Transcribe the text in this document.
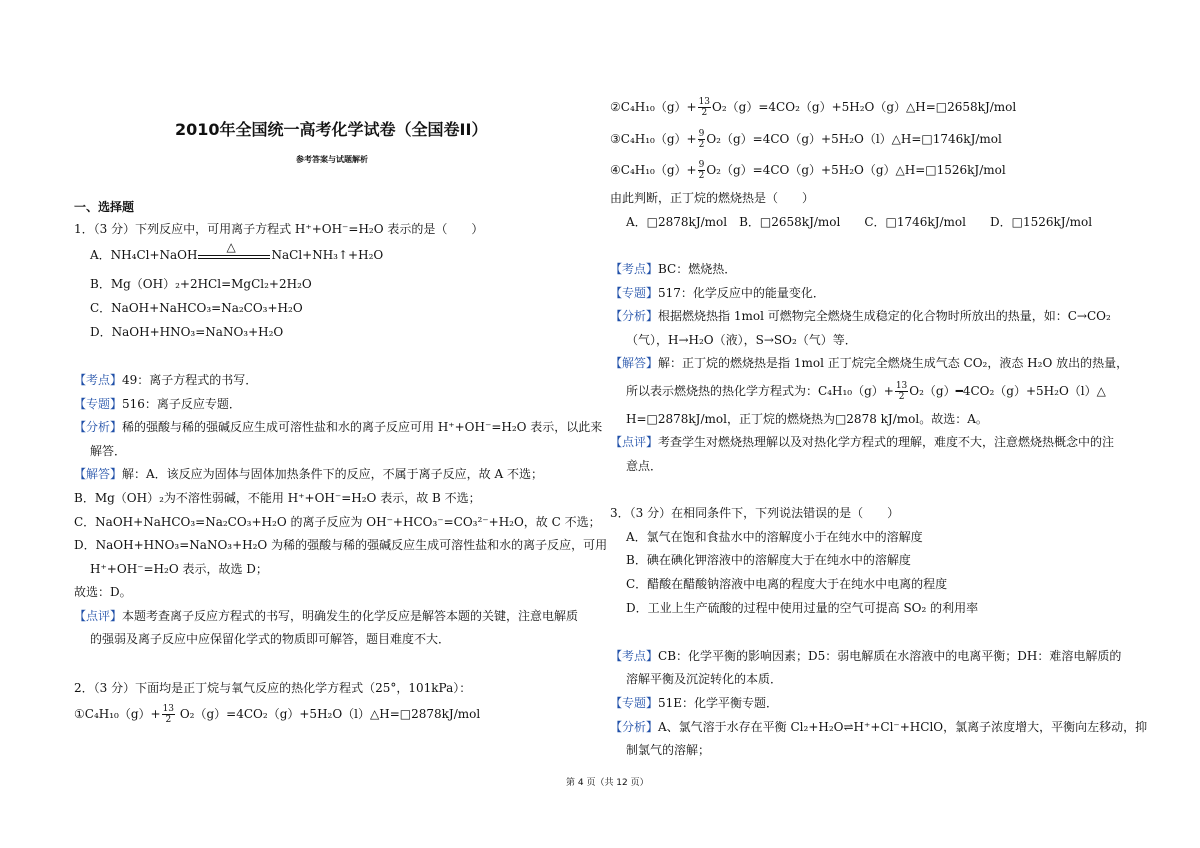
2010年全国统一高考化学试卷（全国卷II）
参考答案与试题解析
一、选择题
1．（3 分）下列反应中，可用离子方程式 H⁺+OH⁻=H₂O 表示的是（　　）
A．NH₄Cl+NaOH
△
NaCl+NH₃↑+H₂O
B．Mg（OH）₂+2HCl=MgCl₂+2H₂O
C．NaOH+NaHCO₃=Na₂CO₃+H₂O
D．NaOH+HNO₃=NaNO₃+H₂O
【考点】49：离子方程式的书写．
【专题】516：离子反应专题．
【分析】稀的强酸与稀的强碱反应生成可溶性盐和水的离子反应可用 H⁺+OH⁻=H₂O 表示，以此来
解答．
【解答】解：A．该反应为固体与固体加热条件下的反应，不属于离子反应，故 A 不选；
B．Mg（OH）₂为不溶性弱碱，不能用 H⁺+OH⁻=H₂O 表示，故 B 不选；
C．NaOH+NaHCO₃=Na₂CO₃+H₂O 的离子反应为 OH⁻+HCO₃⁻=CO₃²⁻+H₂O，故 C 不选；
D．NaOH+HNO₃=NaNO₃+H₂O 为稀的强酸与稀的强碱反应生成可溶性盐和水的离子反应，可用
H⁺+OH⁻=H₂O 表示，故选 D；
故选：D。
【点评】本题考查离子反应方程式的书写，明确发生的化学反应是解答本题的关键，注意电解质
的强弱及离子反应中应保留化学式的物质即可解答，题目难度不大．
2．（3 分）下面均是正丁烷与氧气反应的热化学方程式（25°，101kPa）：
①C₄H₁₀（g）+ $\frac{13}{2}$ O₂（g）=4CO₂（g）+5H₂O（l）△H=□2878kJ/mol
②C₄H₁₀（g）+ $\frac{13}{2}$ O₂（g）=4CO₂（g）+5H₂O（g）△H=□2658kJ/mol
③C₄H₁₀（g）+ $\frac{9}{2}$ O₂（g）=4CO（g）+5H₂O（l）△H=□1746kJ/mol
④C₄H₁₀（g）+ $\frac{9}{2}$ O₂（g）=4CO（g）+5H₂O（g）△H=□1526kJ/mol
由此判断，正丁烷的燃烧热是（　　）
A．□2878kJ/mol　B．□2658kJ/mol　　C．□1746kJ/mol　　D．□1526kJ/mol
【考点】BC：燃烧热．
【专题】517：化学反应中的能量变化．
【分析】根据燃烧热指 1mol 可燃物完全燃烧生成稳定的化合物时所放出的热量，如：C→CO₂
（气），H→H₂O（液），S→SO₂（气）等．
【解答】解：正丁烷的燃烧热是指 1mol 正丁烷完全燃烧生成气态 CO₂，液态 H₂O 放出的热量，
所以表示燃烧热的热化学方程式为：$C_4H_{10}(g)+ \frac{13}{2}$ O₂（g）━4CO₂（g）+5H₂O（l）△
H=□2878kJ/mol，正丁烷的燃烧热为□2878 kJ/mol。故选：A。
【点评】考查学生对燃烧热理解以及对热化学方程式的理解，难度不大，注意燃烧热概念中的注
意点．
3．（3 分）在相同条件下，下列说法错误的是（　　）
A．氯气在饱和食盐水中的溶解度小于在纯水中的溶解度
B．碘在碘化钾溶液中的溶解度大于在纯水中的溶解度
C．醋酸在醋酸钠溶液中电离的程度大于在纯水中电离的程度
D．工业上生产硫酸的过程中使用过量的空气可提高 SO₂ 的利用率
【考点】CB：化学平衡的影响因素；D5：弱电解质在水溶液中的电离平衡；DH：难溶电解质的
溶解平衡及沉淀转化的本质．
【专题】51E：化学平衡专题．
【分析】A、氯气溶于水存在平衡 Cl₂+H₂O⇌H⁺+Cl⁻+HClO，氯离子浓度增大，平衡向左移动，抑
制氯气的溶解；
第 4 页（共 12 页）
